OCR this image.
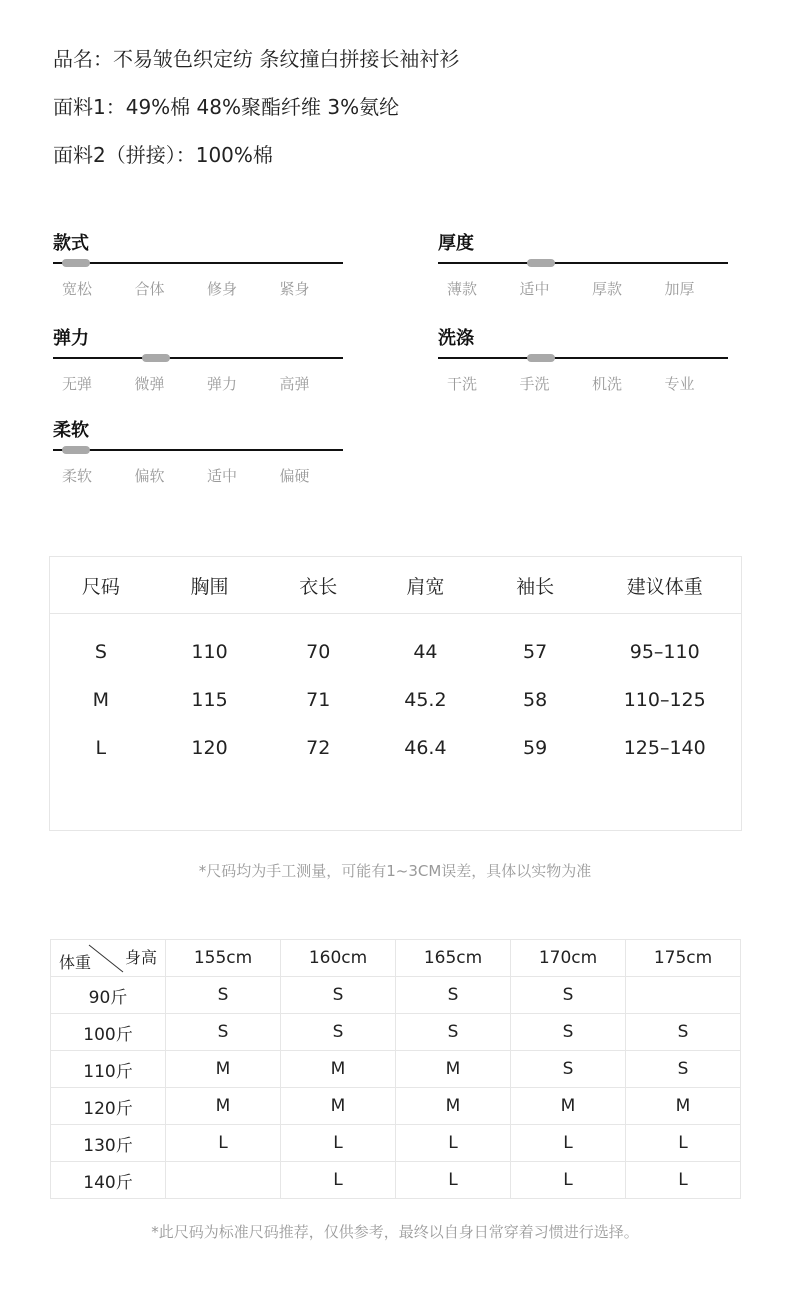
品名：不易皱色织定纺 条纹撞白拼接长袖衬衫
面料1：49%棉 48%聚酯纤维 3%氨纶
面料2（拼接）：100%棉
款式
宽松	合体	修身	紧身
厚度
薄款	适中	厚款	加厚
弹力
无弹	微弹	弹力	高弹
洗涤
干洗	手洗	机洗	专业
柔软
柔软	偏软	适中	偏硬
尺码	胸围	衣长	肩宽	袖长	建议体重
S	110	70	44	57	95–110
M	115	71	45.2	58	110–125
L	120	72	46.4	59	125–140
*尺码均为手工测量，可能有1~3CM误差，具体以实物为准
体重 身高	155cm	160cm	165cm	170cm	175cm
90斤	S	S	S	S	
100斤	S	S	S	S	S
110斤	M	M	M	S	S
120斤	M	M	M	M	M
130斤	L	L	L	L	L
140斤		L	L	L	L
*此尺码为标准尺码推荐，仅供参考，最终以自身日常穿着习惯进行选择。
